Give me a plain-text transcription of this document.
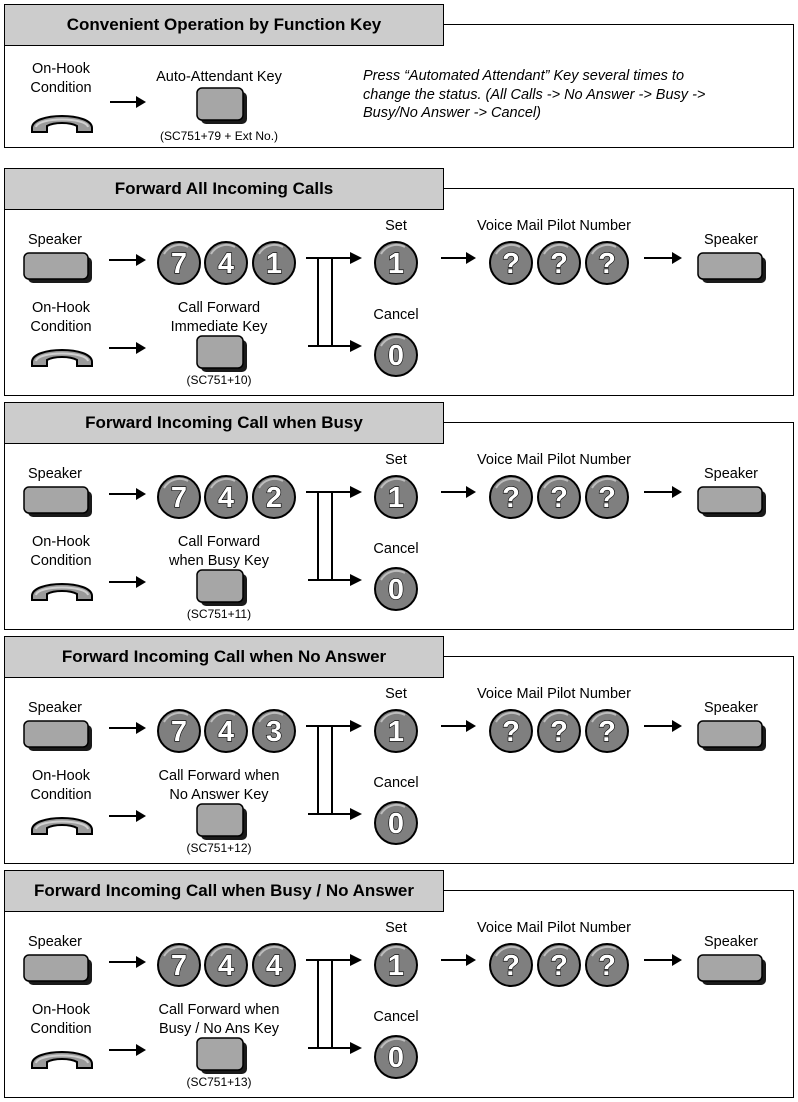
Convenient Operation by Function Key
On-Hook
Condition
Auto-Attendant Key
(SC751+79 + Ext No.)
Press “Automated Attendant” Key several times to
change the status. (All Calls -> No Answer -> Busy ->
Busy/No Answer -> Cancel)
Forward All Incoming Calls
Speaker
Set	Voice Mail Pilot Number
Speaker
On-Hook
Condition
Call Forward
Immediate Key
(SC751+10)
Cancel
7 4 1	1
0
? ? ?
Forward Incoming Call when Busy
Speaker
Set	Voice Mail Pilot Number
Speaker
On-Hook
Condition
Call Forward
when Busy Key
(SC751+11)
Cancel
7 4 2	1
0
? ? ?
Forward Incoming Call when No Answer
Speaker
Set	Voice Mail Pilot Number
Speaker
On-Hook
Condition
Call Forward when
No Answer Key
(SC751+12)
Cancel
7 4 3	1
0
? ? ?
Forward Incoming Call when Busy / No Answer
Speaker
Set	Voice Mail Pilot Number
Speaker
On-Hook
Condition
Call Forward when
Busy / No Ans Key
(SC751+13)
Cancel
7 4 4	1
0
? ? ?
